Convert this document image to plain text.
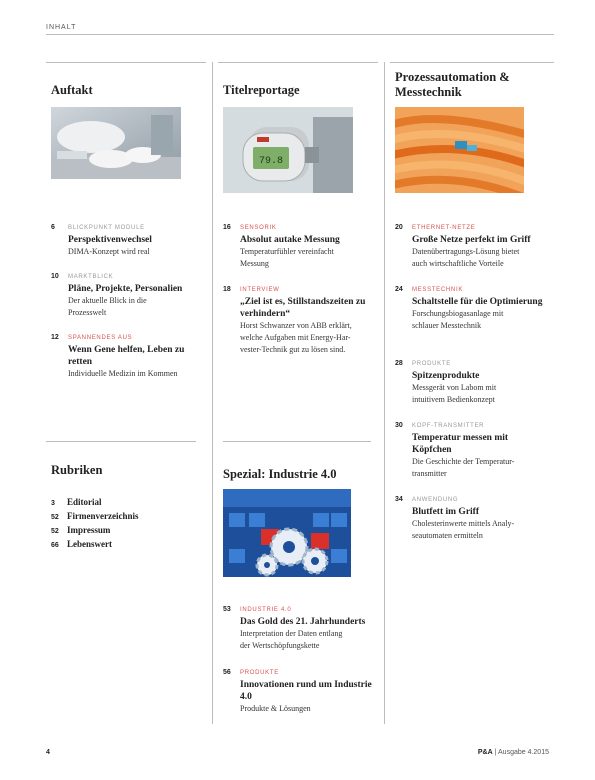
INHALT
Auftakt	Titelreportage
Prozessautomation &
Messtechnik
79.8
6 BLICKPUNKT MODULE
Perspektivenwechsel
DIMA-Konzept wird real
10 MARKTBLICK
Pläne, Projekte, Personalien
Der aktuelle Blick in die
Prozesswelt
12 SPANNENDES AUS
Wenn Gene helfen, Leben zu retten
Individuelle Medizin im Kommen
16 SENSORIK
Absolut autake Messung
Temperaturfühler vereinfacht
Messung
18 INTERVIEW
„Ziel ist es, Stillstandszeiten zu verhindern“
Horst Schwanzer von ABB erklärt,
welche Aufgaben mit Energy-Har-
vester-Technik gut zu lösen sind.
20 ETHERNET-NETZE
Große Netze perfekt im Griff
Datenübertragungs-Lösung bietet
auch wirtschaftliche Vorteile
24 MESSTECHNIK
Schaltstelle für die Optimierung
Forschungsbiogasanlage mit
schlauer Messtechnik
28 PRODUKTE
Spitzenprodukte
Messgerät von Labom mit
intuitivem Bedienkonzept
30 KOPF-TRANSMITTER
Temperatur messen mit Köpfchen
Die Geschichte der Temperatur-
transmitter
34 ANWENDUNG
Blutfett im Griff
Cholesterinwerte mittels Analy-
seautomaten ermitteln
Rubriken
3 Editorial
52 Firmenverzeichnis
52 Impressum
66 Lebenswert
Spezial: Industrie 4.0
53 INDUSTRIE 4.0
Das Gold des 21. Jahrhunderts
Interpretation der Daten entlang
der Wertschöpfungskette
56 PRODUKTE
Innovationen rund um Industrie 4.0
Produkte & Lösungen
4	P&A | Ausgabe 4.2015
